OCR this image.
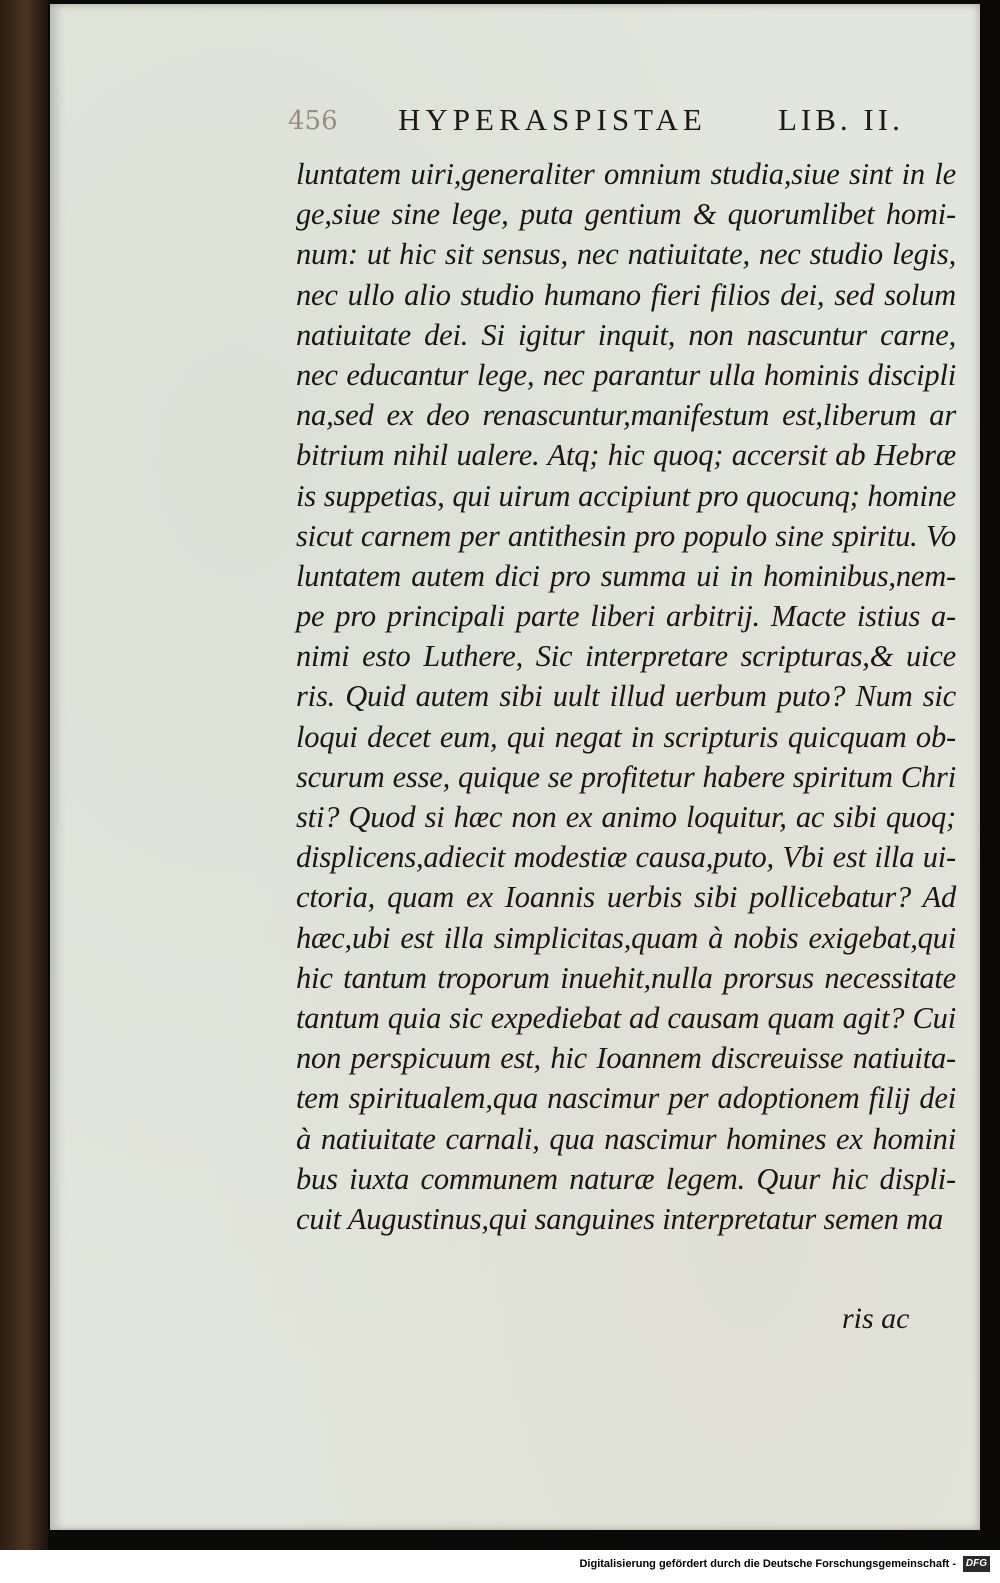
456 HYPERASPISTAE LIB. II.
luntatem uiri,generaliter omnium studia,siue sint in le
ge,siue sine lege, puta gentium & quorumlibet homi-
num: ut hic sit sensus, nec natiuitate, nec studio legis,
nec ullo alio studio humano fieri filios dei, sed solum
natiuitate dei. Si igitur inquit, non nascuntur carne,
nec educantur lege, nec parantur ulla hominis discipli
na,sed ex deo renascuntur,manifestum est,liberum ar
bitrium nihil ualere. Atq; hic quoq; accersit ab Hebræ
is suppetias, qui uirum accipiunt pro quocunq; homine
sicut carnem per antithesin pro populo sine spiritu. Vo
luntatem autem dici pro summa ui in hominibus,nem-
pe pro principali parte liberi arbitrij. Macte istius a-
nimi esto Luthere, Sic interpretare scripturas,& uice
ris. Quid autem sibi uult illud uerbum puto? Num sic
loqui decet eum, qui negat in scripturis quicquam ob-
scurum esse, quique se profitetur habere spiritum Chri
sti? Quod si hæc non ex animo loquitur, ac sibi quoq;
displicens,adiecit modestiæ causa,puto, Vbi est illa ui-
ctoria, quam ex Ioannis uerbis sibi pollicebatur? Ad
hæc,ubi est illa simplicitas,quam à nobis exigebat,qui
hic tantum troporum inuehit,nulla prorsus necessitate
tantum quia sic expediebat ad causam quam agit? Cui
non perspicuum est, hic Ioannem discreuisse natiuita-
tem spiritualem,qua nascimur per adoptionem filij dei
à natiuitate carnali, qua nascimur homines ex homini
bus iuxta communem naturæ legem. Quur hic displi-
cuit Augustinus,qui sanguines interpretatur semen ma
ris ac
Digitalisierung gefördert durch die Deutsche Forschungsgemeinschaft - DFG
